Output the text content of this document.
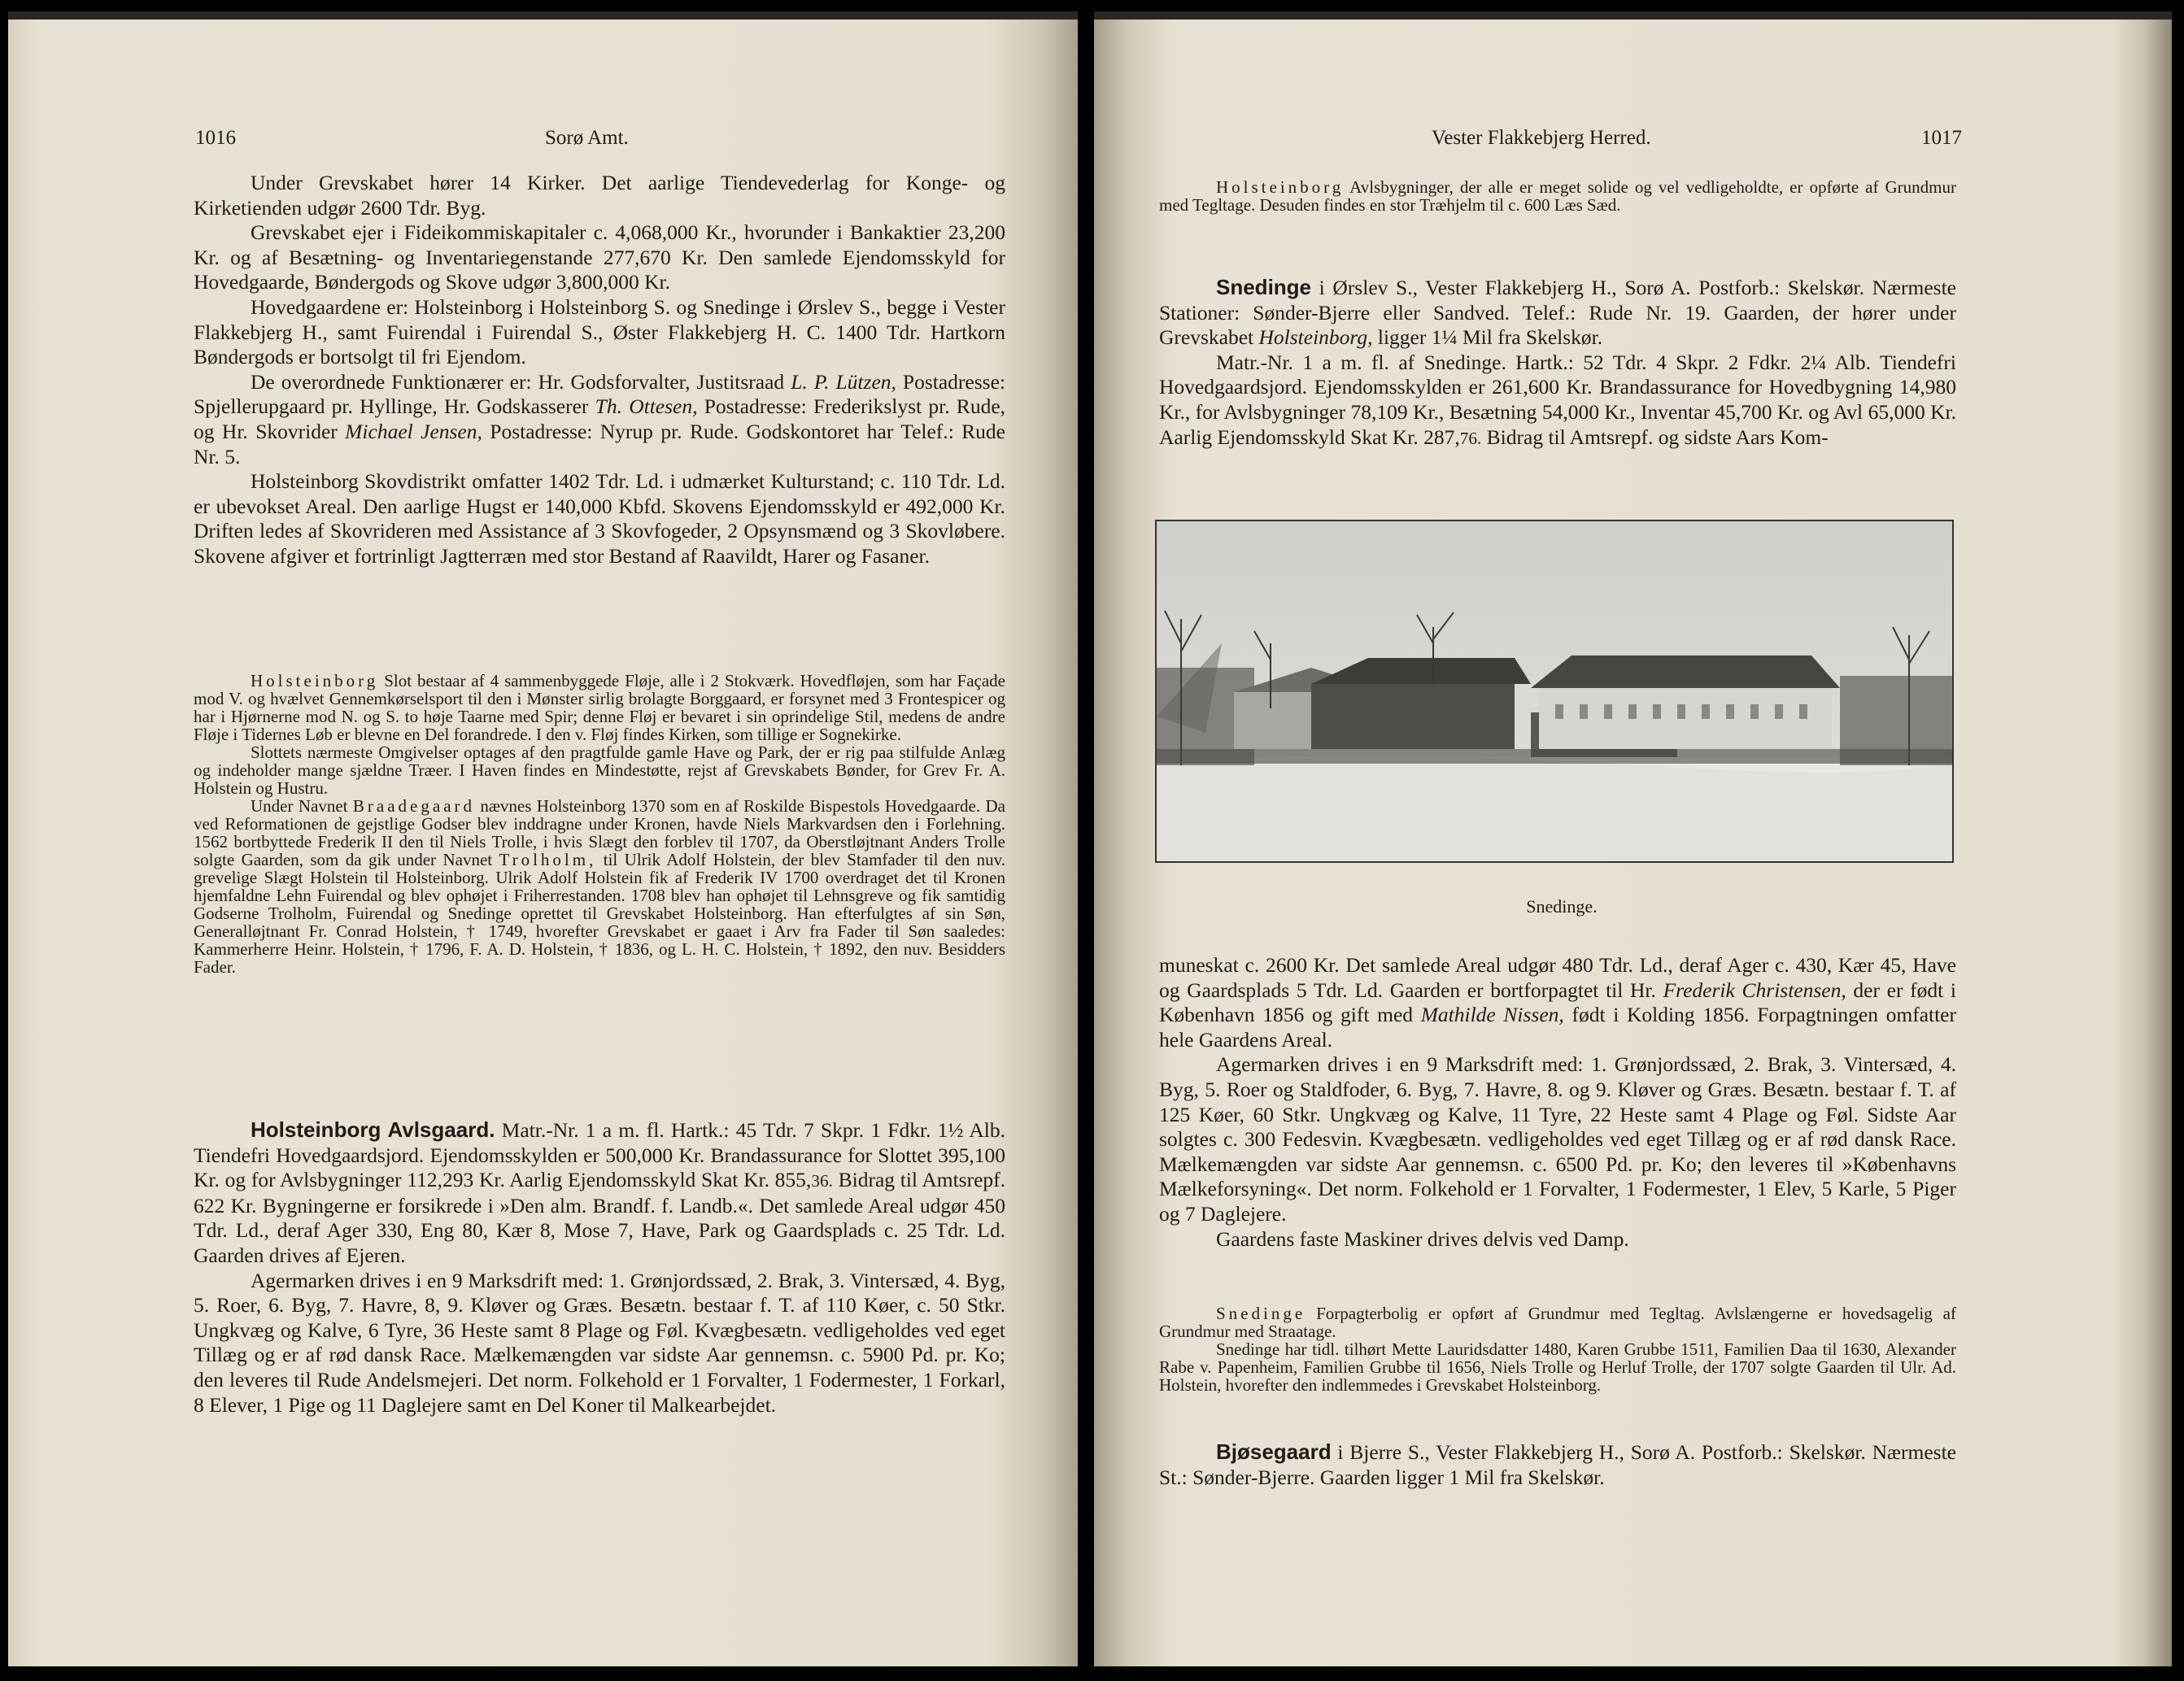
1016	Sorø Amt.

Under Grevskabet hører 14 Kirker. Det aarlige Tiendevederlag for Konge- og Kirketienden udgør 2600 Tdr. Byg.

Grevskabet ejer i Fideikommiskapitaler c. 4,068,000 Kr., hvorunder i Bankaktier 23,200 Kr. og af Besætning- og Inventariegenstande 277,670 Kr. Den samlede Ejendomsskyld for Hovedgaarde, Bøndergods og Skove udgør 3,800,000 Kr.

Hovedgaardene er: Holsteinborg i Holsteinborg S. og Snedinge i Ørslev S., begge i Vester Flakkebjerg H., samt Fuirendal i Fuirendal S., Øster Flakkebjerg H. C. 1400 Tdr. Hartkorn Bøndergods er bortsolgt til fri Ejendom.

De overordnede Funktionærer er: Hr. Godsforvalter, Justitsraad L. P. Lützen, Postadresse: Spjellerupgaard pr. Hyllinge, Hr. Godskasserer Th. Ottesen, Postadresse: Frederikslyst pr. Rude, og Hr. Skovrider Michael Jensen, Postadresse: Nyrup pr. Rude. Godskontoret har Telef.: Rude Nr. 5.

Holsteinborg Skovdistrikt omfatter 1402 Tdr. Ld. i udmærket Kulturstand; c. 110 Tdr. Ld. er ubevokset Areal. Den aarlige Hugst er 140,000 Kbfd. Skovens Ejendomsskyld er 492,000 Kr. Driften ledes af Skovrideren med Assistance af 3 Skovfogeder, 2 Opsynsmænd og 3 Skovløbere. Skovene afgiver et fortrinligt Jagtterræn med stor Bestand af Raavildt, Harer og Fasaner.

Holsteinborg Slot bestaar af 4 sammenbyggede Fløje, alle i 2 Stokværk. Hovedfløjen, som har Façade mod V. og hvælvet Gennemkørselsport til den i Mønster sirlig brolagte Borggaard, er forsynet med 3 Frontespicer og har i Hjørnerne mod N. og S. to høje Taarne med Spir; denne Fløj er bevaret i sin oprindelige Stil, medens de andre Fløje i Tidernes Løb er blevne en Del forandrede. I den v. Fløj findes Kirken, som tillige er Sognekirke.

Slottets nærmeste Omgivelser optages af den pragtfulde gamle Have og Park, der er rig paa stilfulde Anlæg og indeholder mange sjældne Træer. I Haven findes en Mindestøtte, rejst af Grevskabets Bønder, for Grev Fr. A. Holstein og Hustru.

Under Navnet Braadegaard nævnes Holsteinborg 1370 som en af Roskilde Bispestols Hovedgaarde. Da ved Reformationen de gejstlige Godser blev inddragne under Kronen, havde Niels Markvardsen den i Forlehning. 1562 bortbyttede Frederik II den til Niels Trolle, i hvis Slægt den forblev til 1707, da Oberstløjtnant Anders Trolle solgte Gaarden, som da gik under Navnet Trolholm, til Ulrik Adolf Holstein, der blev Stamfader til den nuv. grevelige Slægt Holstein til Holsteinborg. Ulrik Adolf Holstein fik af Frederik IV 1700 overdraget det til Kronen hjemfaldne Lehn Fuirendal og blev ophøjet i Friherrestanden. 1708 blev han ophøjet til Lehnsgreve og fik samtidig Godserne Trolholm, Fuirendal og Snedinge oprettet til Grevskabet Holsteinborg. Han efterfulgtes af sin Søn, Generalløjtnant Fr. Conrad Holstein, † 1749, hvorefter Grevskabet er gaaet i Arv fra Fader til Søn saaledes: Kammerherre Heinr. Holstein, † 1796, F. A. D. Holstein, † 1836, og L. H. C. Holstein, † 1892, den nuv. Besidders Fader.

Holsteinborg Avlsgaard. Matr.-Nr. 1 a m. fl. Hartk.: 45 Tdr. 7 Skpr. 1 Fdkr. 1½ Alb. Tiendefri Hovedgaardsjord. Ejendomsskylden er 500,000 Kr. Brandassurance for Slottet 395,100 Kr. og for Avlsbygninger 112,293 Kr. Aarlig Ejendomsskyld Skat Kr. 855,36. Bidrag til Amtsrepf. 622 Kr. Bygningerne er forsikrede i »Den alm. Brandf. f. Landb.«. Det samlede Areal udgør 450 Tdr. Ld., deraf Ager 330, Eng 80, Kær 8, Mose 7, Have, Park og Gaardsplads c. 25 Tdr. Ld. Gaarden drives af Ejeren.

Agermarken drives i en 9 Marksdrift med: 1. Grønjordssæd, 2. Brak, 3. Vintersæd, 4. Byg, 5. Roer, 6. Byg, 7. Havre, 8, 9. Kløver og Græs. Besætn. bestaar f. T. af 110 Køer, c. 50 Stkr. Ungkvæg og Kalve, 6 Tyre, 36 Heste samt 8 Plage og Føl. Kvægbesætn. vedligeholdes ved eget Tillæg og er af rød dansk Race. Mælkemængden var sidste Aar gennemsn. c. 5900 Pd. pr. Ko; den leveres til Rude Andelsmejeri. Det norm. Folkehold er 1 Forvalter, 1 Fodermester, 1 Forkarl, 8 Elever, 1 Pige og 11 Daglejere samt en Del Koner til Malkearbejdet.

Vester Flakkebjerg Herred.	1017

Holsteinborg Avlsbygninger, der alle er meget solide og vel vedligeholdte, er opførte af Grundmur med Tegltage. Desuden findes en stor Træhjelm til c. 600 Læs Sæd.

Snedinge i Ørslev S., Vester Flakkebjerg H., Sorø A. Postforb.: Skelskør. Nærmeste Stationer: Sønder-Bjerre eller Sandved. Telef.: Rude Nr. 19. Gaarden, der hører under Grevskabet Holsteinborg, ligger 1¼ Mil fra Skelskør.

Matr.-Nr. 1 a m. fl. af Snedinge. Hartk.: 52 Tdr. 4 Skpr. 2 Fdkr. 2¼ Alb. Tiendefri Hovedgaardsjord. Ejendomsskylden er 261,600 Kr. Brandassurance for Hovedbygning 14,980 Kr., for Avlsbygninger 78,109 Kr., Besætning 54,000 Kr., Inventar 45,700 Kr. og Avl 65,000 Kr. Aarlig Ejendomsskyld Skat Kr. 287,76. Bidrag til Amtsrepf. og sidste Aars Kom-

Snedinge.

muneskat c. 2600 Kr. Det samlede Areal udgør 480 Tdr. Ld., deraf Ager c. 430, Kær 45, Have og Gaardsplads 5 Tdr. Ld. Gaarden er bortforpagtet til Hr. Frederik Christensen, der er født i København 1856 og gift med Mathilde Nissen, født i Kolding 1856. Forpagtningen omfatter hele Gaardens Areal.

Agermarken drives i en 9 Marksdrift med: 1. Grønjordssæd, 2. Brak, 3. Vintersæd, 4. Byg, 5. Roer og Staldfoder, 6. Byg, 7. Havre, 8. og 9. Kløver og Græs. Besætn. bestaar f. T. af 125 Køer, 60 Stkr. Ungkvæg og Kalve, 11 Tyre, 22 Heste samt 4 Plage og Føl. Sidste Aar solgtes c. 300 Fedesvin. Kvægbesætn. vedligeholdes ved eget Tillæg og er af rød dansk Race. Mælkemængden var sidste Aar gennemsn. c. 6500 Pd. pr. Ko; den leveres til »Københavns Mælkeforsyning«. Det norm. Folkehold er 1 Forvalter, 1 Fodermester, 1 Elev, 5 Karle, 5 Piger og 7 Daglejere.

Gaardens faste Maskiner drives delvis ved Damp.

Snedinge Forpagterbolig er opført af Grundmur med Tegltag. Avlslængerne er hovedsagelig af Grundmur med Straatage.

Snedinge har tidl. tilhørt Mette Lauridsdatter 1480, Karen Grubbe 1511, Familien Daa til 1630, Alexander Rabe v. Papenheim, Familien Grubbe til 1656, Niels Trolle og Herluf Trolle, der 1707 solgte Gaarden til Ulr. Ad. Holstein, hvorefter den indlemmedes i Grevskabet Holsteinborg.

Bjøsegaard i Bjerre S., Vester Flakkebjerg H., Sorø A. Postforb.: Skelskør. Nærmeste St.: Sønder-Bjerre. Gaarden ligger 1 Mil fra Skelskør.
